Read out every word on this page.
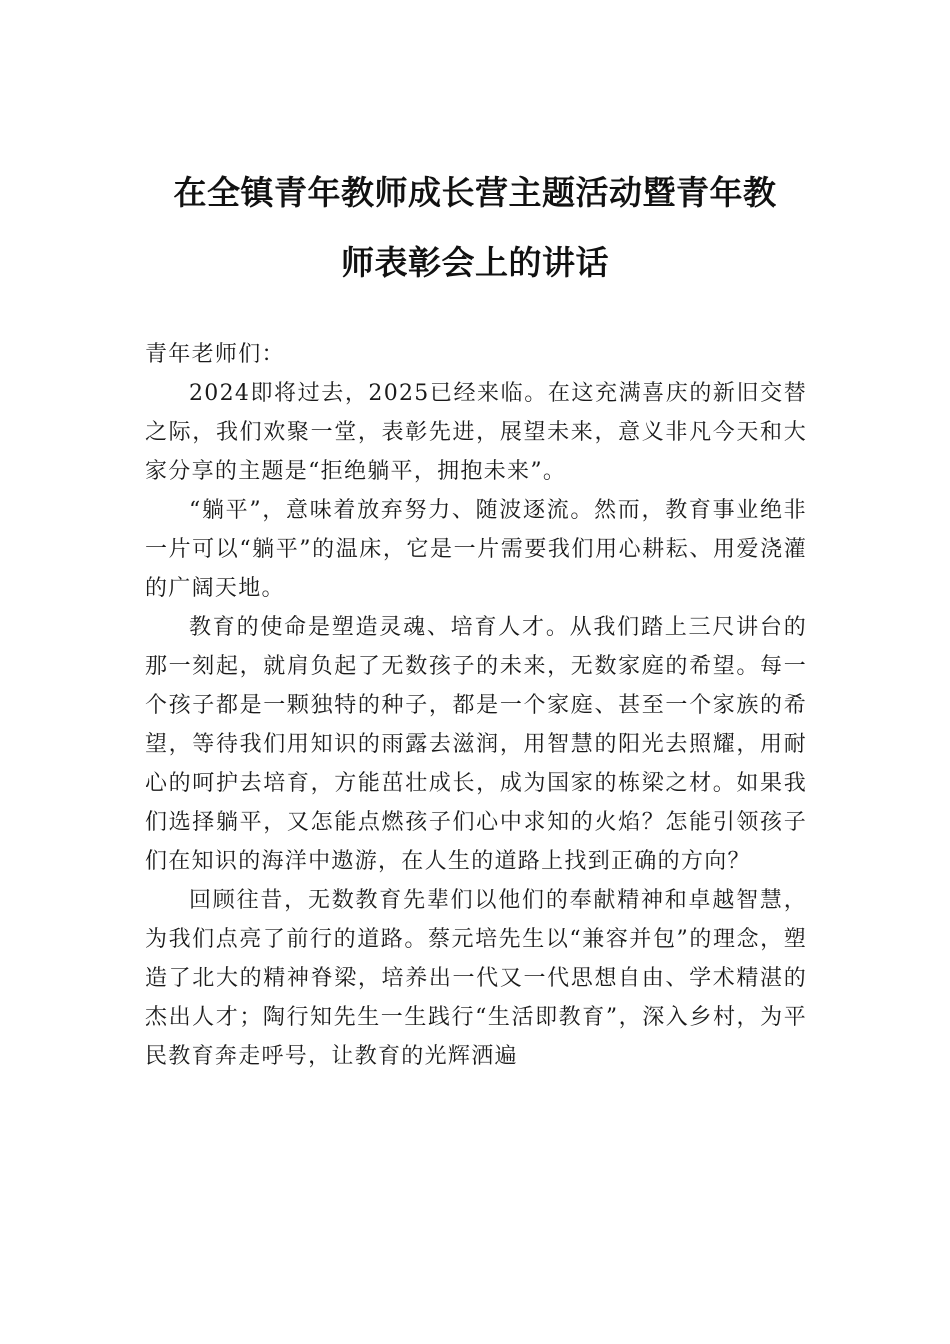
在全镇青年教师成长营主题活动暨青年教
师表彰会上的讲话

青年老师们：

2024即将过去，2025已经来临。在这充满喜庆的新旧交替之际，我们欢聚一堂，表彰先进，展望未来，意义非凡今天和大家分享的主题是“拒绝躺平，拥抱未来”。

“躺平”，意味着放弃努力、随波逐流。然而，教育事业绝非一片可以“躺平”的温床，它是一片需要我们用心耕耘、用爱浇灌的广阔天地。

教育的使命是塑造灵魂、培育人才。从我们踏上三尺讲台的那一刻起，就肩负起了无数孩子的未来，无数家庭的希望。每一个孩子都是一颗独特的种子，都是一个家庭、甚至一个家族的希望，等待我们用知识的雨露去滋润，用智慧的阳光去照耀，用耐心的呵护去培育，方能茁壮成长，成为国家的栋梁之材。如果我们选择躺平，又怎能点燃孩子们心中求知的火焰？怎能引领孩子们在知识的海洋中遨游，在人生的道路上找到正确的方向？

回顾往昔，无数教育先辈们以他们的奉献精神和卓越智慧，为我们点亮了前行的道路。蔡元培先生以“兼容并包”的理念，塑造了北大的精神脊梁，培养出一代又一代思想自由、学术精湛的杰出人才；陶行知先生一生践行“生活即教育”，深入乡村，为平民教育奔走呼号，让教育的光辉洒遍
